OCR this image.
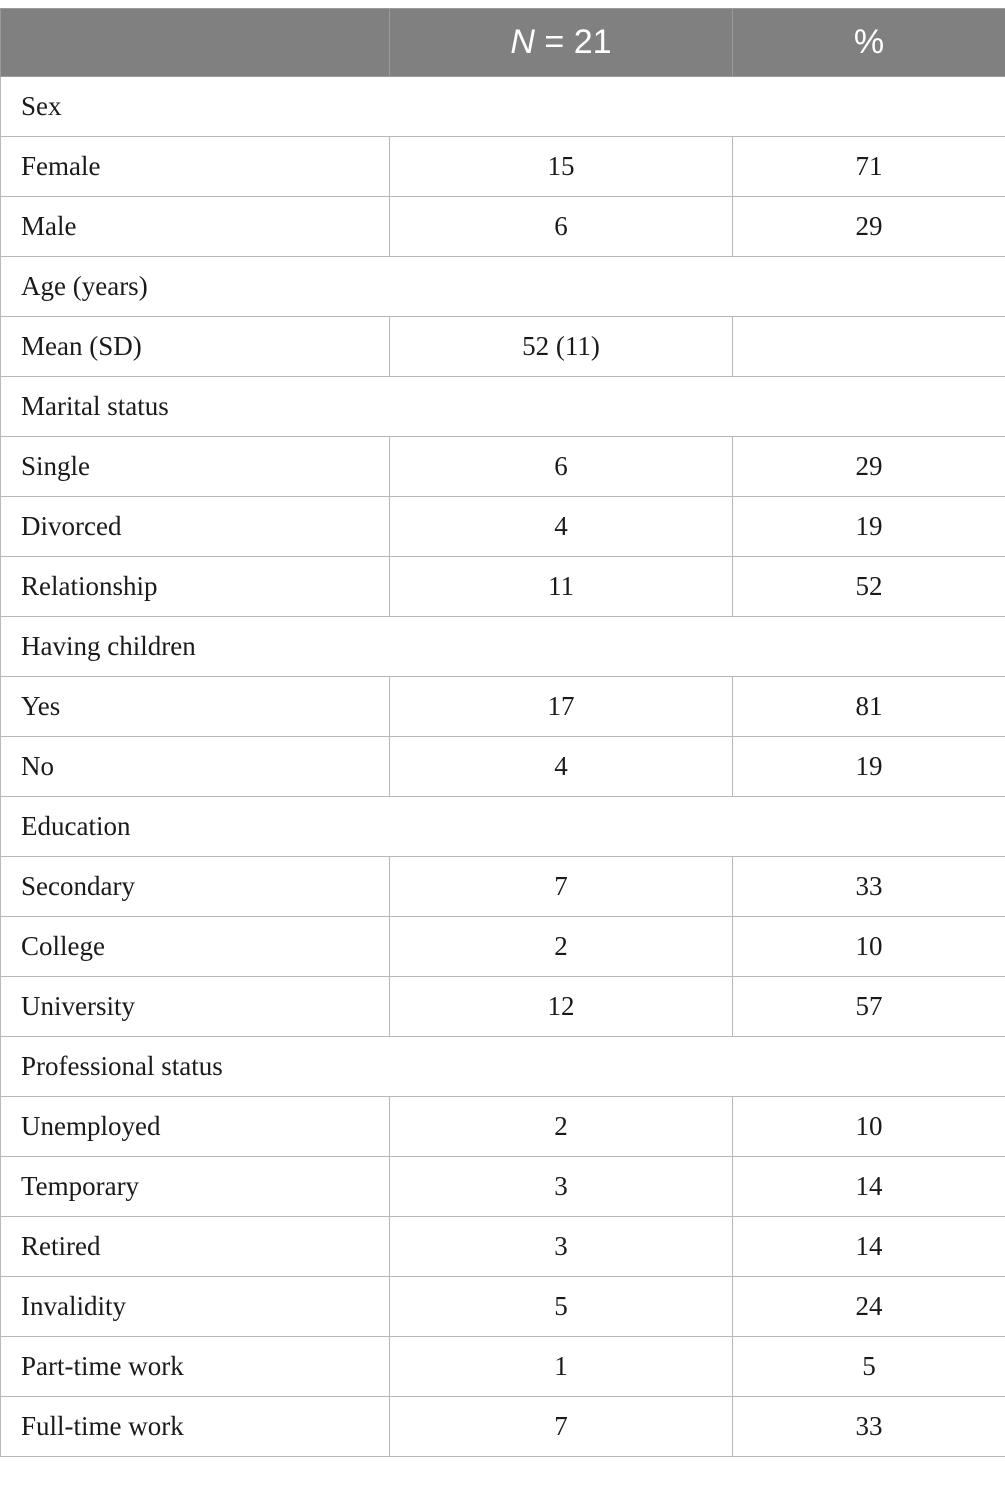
	N = 21	%
Sex		
Female	15	71
Male	6	29
Age (years)		
Mean (SD)	52 (11)	
Marital status		
Single	6	29
Divorced	4	19
Relationship	11	52
Having children		
Yes	17	81
No	4	19
Education		
Secondary	7	33
College	2	10
University	12	57
Professional status		
Unemployed	2	10
Temporary	3	14
Retired	3	14
Invalidity	5	24
Part-time work	1	5
Full-time work	7	33
